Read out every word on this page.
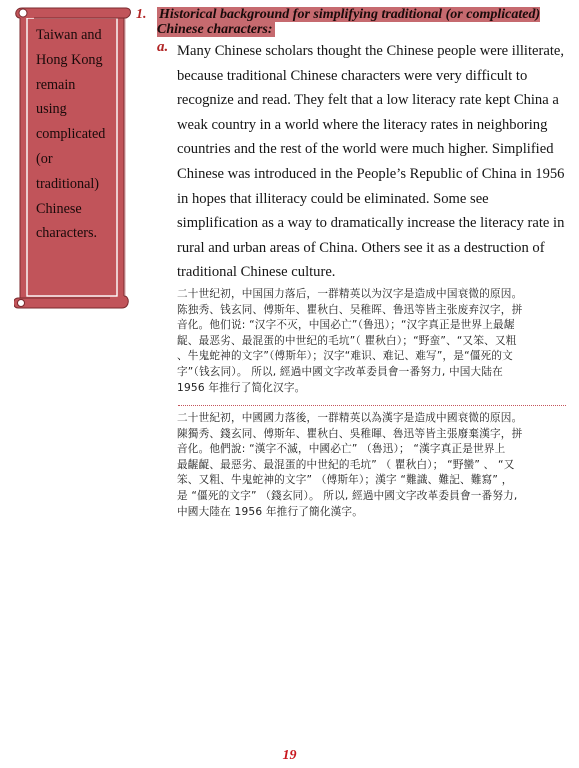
Taiwan and
Hong Kong
remain
using
complicated
(or
traditional)
Chinese
characters.
1. Historical background for simplifying traditional (or complicated) Chinese characters:
a. Many Chinese scholars thought the Chinese people were illiterate,
because traditional Chinese characters were very difficult to
recognize and read. They felt that a low literacy rate kept China a
weak country in a world where the literacy rates in neighboring
countries and the rest of the world were much higher. Simplified
Chinese was introduced in the People’s Republic of China in 1956
in hopes that illiteracy could be eliminated. Some see
simplification as a way to dramatically increase the literacy rate in
rural and urban areas of China. Others see it as a destruction of
traditional Chinese culture.
二十世纪初，中国国力落后，一群精英以为汉字是造成中国衰微的原因。
陈独秀、钱玄同、傅斯年、瞿秋白、吴稚晖、鲁迅等皆主张废弃汉字，拼
音化。他们说: “汉字不灭，中国必亡”（鲁迅）；“汉字真正是世界上最龌
龊、最恶劣、最混蛋的中世纪的毛坑”（ 瞿秋白）；“野蛮”、“又笨、又粗
、牛鬼蛇神的文字”（傅斯年）；汉字“难识、难记、难写”，是“僵死的文
字”（钱玄同）。 所以, 經過中國文字改革委員會一番努力, 中国大陆在
1956 年推行了简化汉字。
二十世紀初，中國國力落後，一群精英以為漢字是造成中國衰微的原因。
陳獨秀、錢玄同、傅斯年、瞿秋白、吳稚暉、魯迅等皆主張廢棄漢字，拼
音化。他們說: “漢字不滅，中國必亡” （魯迅）； “漢字真正是世界上
最齷齪、最惡劣、最混蛋的中世紀的毛坑” （ 瞿秋白）； “野蠻” 、 “又
笨、又粗、牛鬼蛇神的文字” （傅斯年）；漢字 “難識、難記、難寫” ，
是 “僵死的文字” （錢玄同）。 所以, 經過中國文字改革委員會一番努力,
中國大陸在 1956 年推行了簡化漢字。
19
